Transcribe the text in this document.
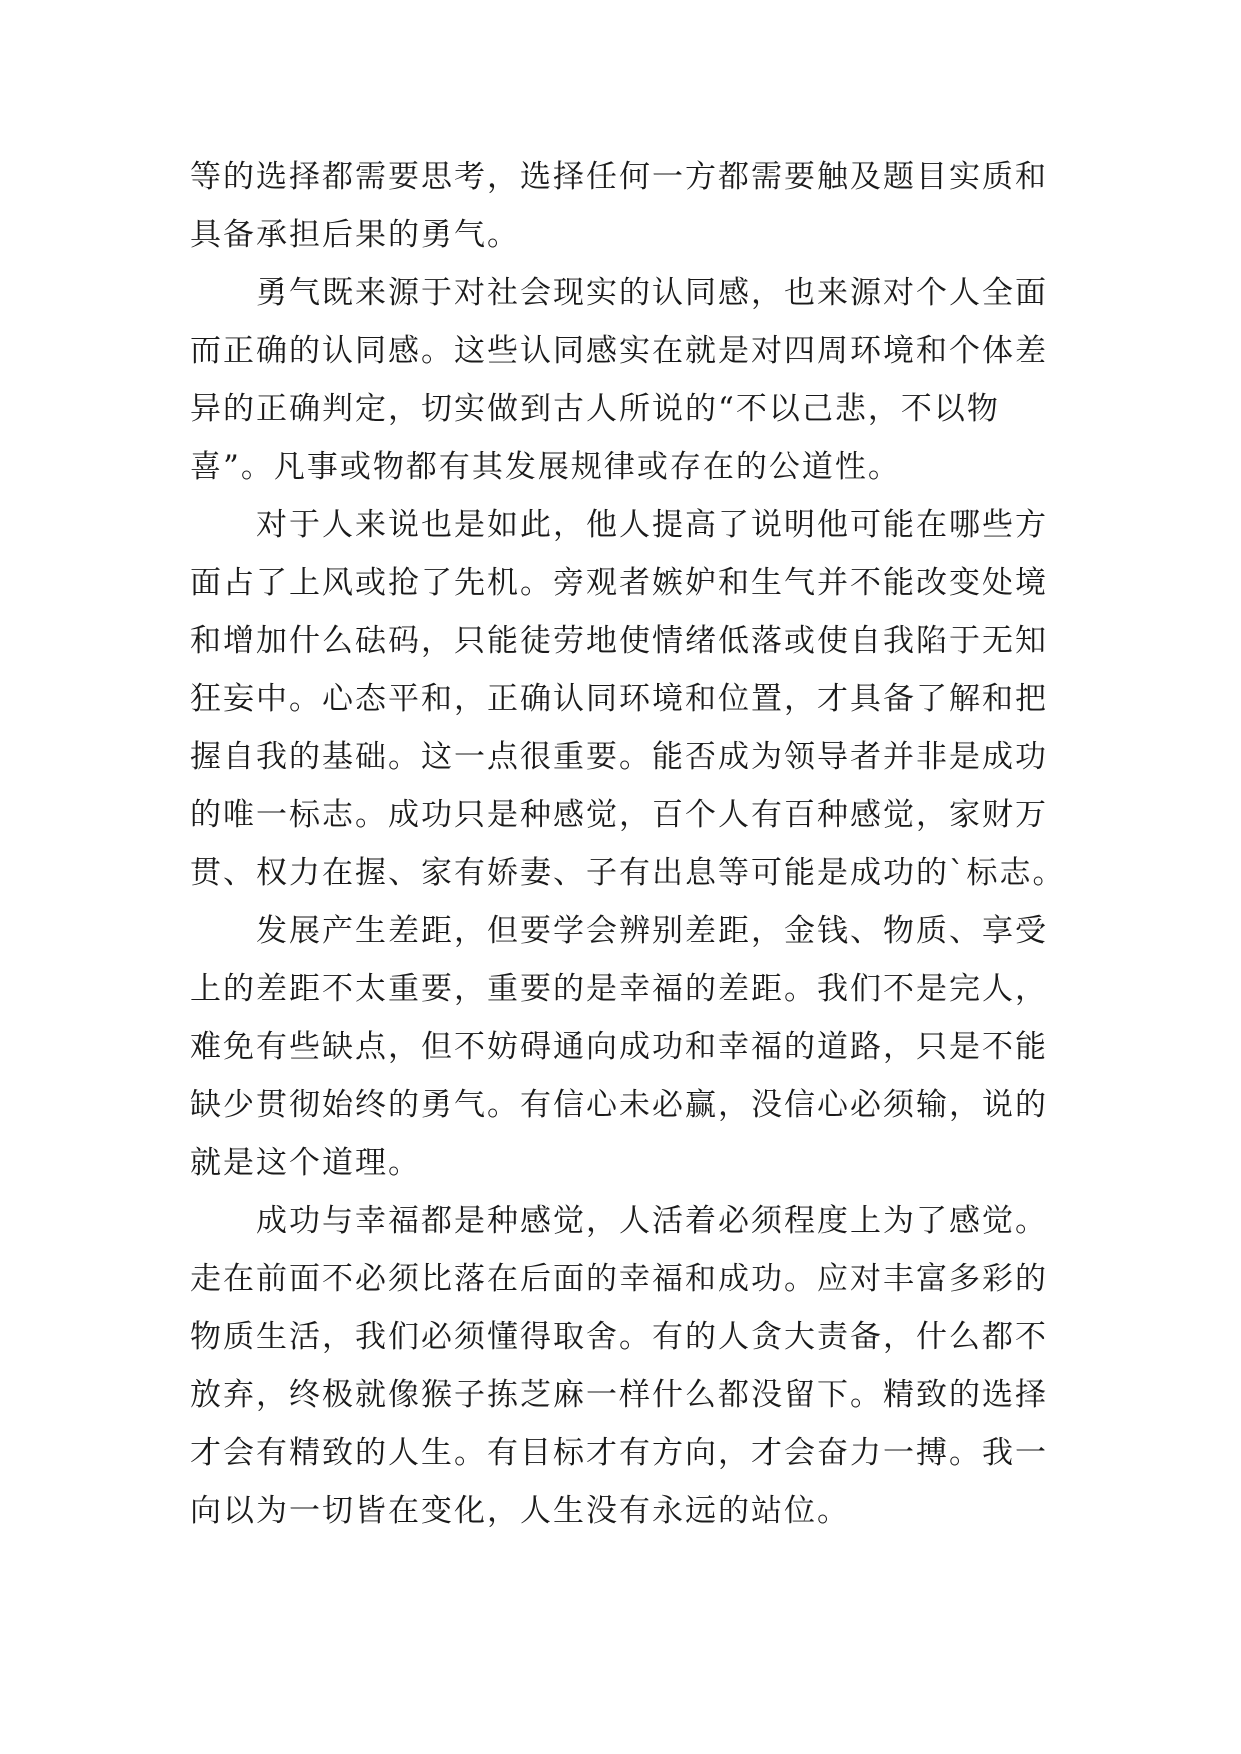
等的选择都需要思考，选择任何一方都需要触及题目实质和
具备承担后果的勇气。
　　勇气既来源于对社会现实的认同感，也来源对个人全面
而正确的认同感。这些认同感实在就是对四周环境和个体差
异的正确判定，切实做到古人所说的“不以己悲，不以物
喜”。凡事或物都有其发展规律或存在的公道性。
　　对于人来说也是如此，他人提高了说明他可能在哪些方
面占了上风或抢了先机。旁观者嫉妒和生气并不能改变处境
和增加什么砝码，只能徒劳地使情绪低落或使自我陷于无知
狂妄中。心态平和，正确认同环境和位置，才具备了解和把
握自我的基础。这一点很重要。能否成为领导者并非是成功
的唯一标志。成功只是种感觉，百个人有百种感觉，家财万
贯、权力在握、家有娇妻、子有出息等可能是成功的`标志。
　　发展产生差距，但要学会辨别差距，金钱、物质、享受
上的差距不太重要，重要的是幸福的差距。我们不是完人，
难免有些缺点，但不妨碍通向成功和幸福的道路，只是不能
缺少贯彻始终的勇气。有信心未必赢，没信心必须输，说的
就是这个道理。
　　成功与幸福都是种感觉，人活着必须程度上为了感觉。
走在前面不必须比落在后面的幸福和成功。应对丰富多彩的
物质生活，我们必须懂得取舍。有的人贪大责备，什么都不
放弃，终极就像猴子拣芝麻一样什么都没留下。精致的选择
才会有精致的人生。有目标才有方向，才会奋力一搏。我一
向以为一切皆在变化，人生没有永远的站位。
